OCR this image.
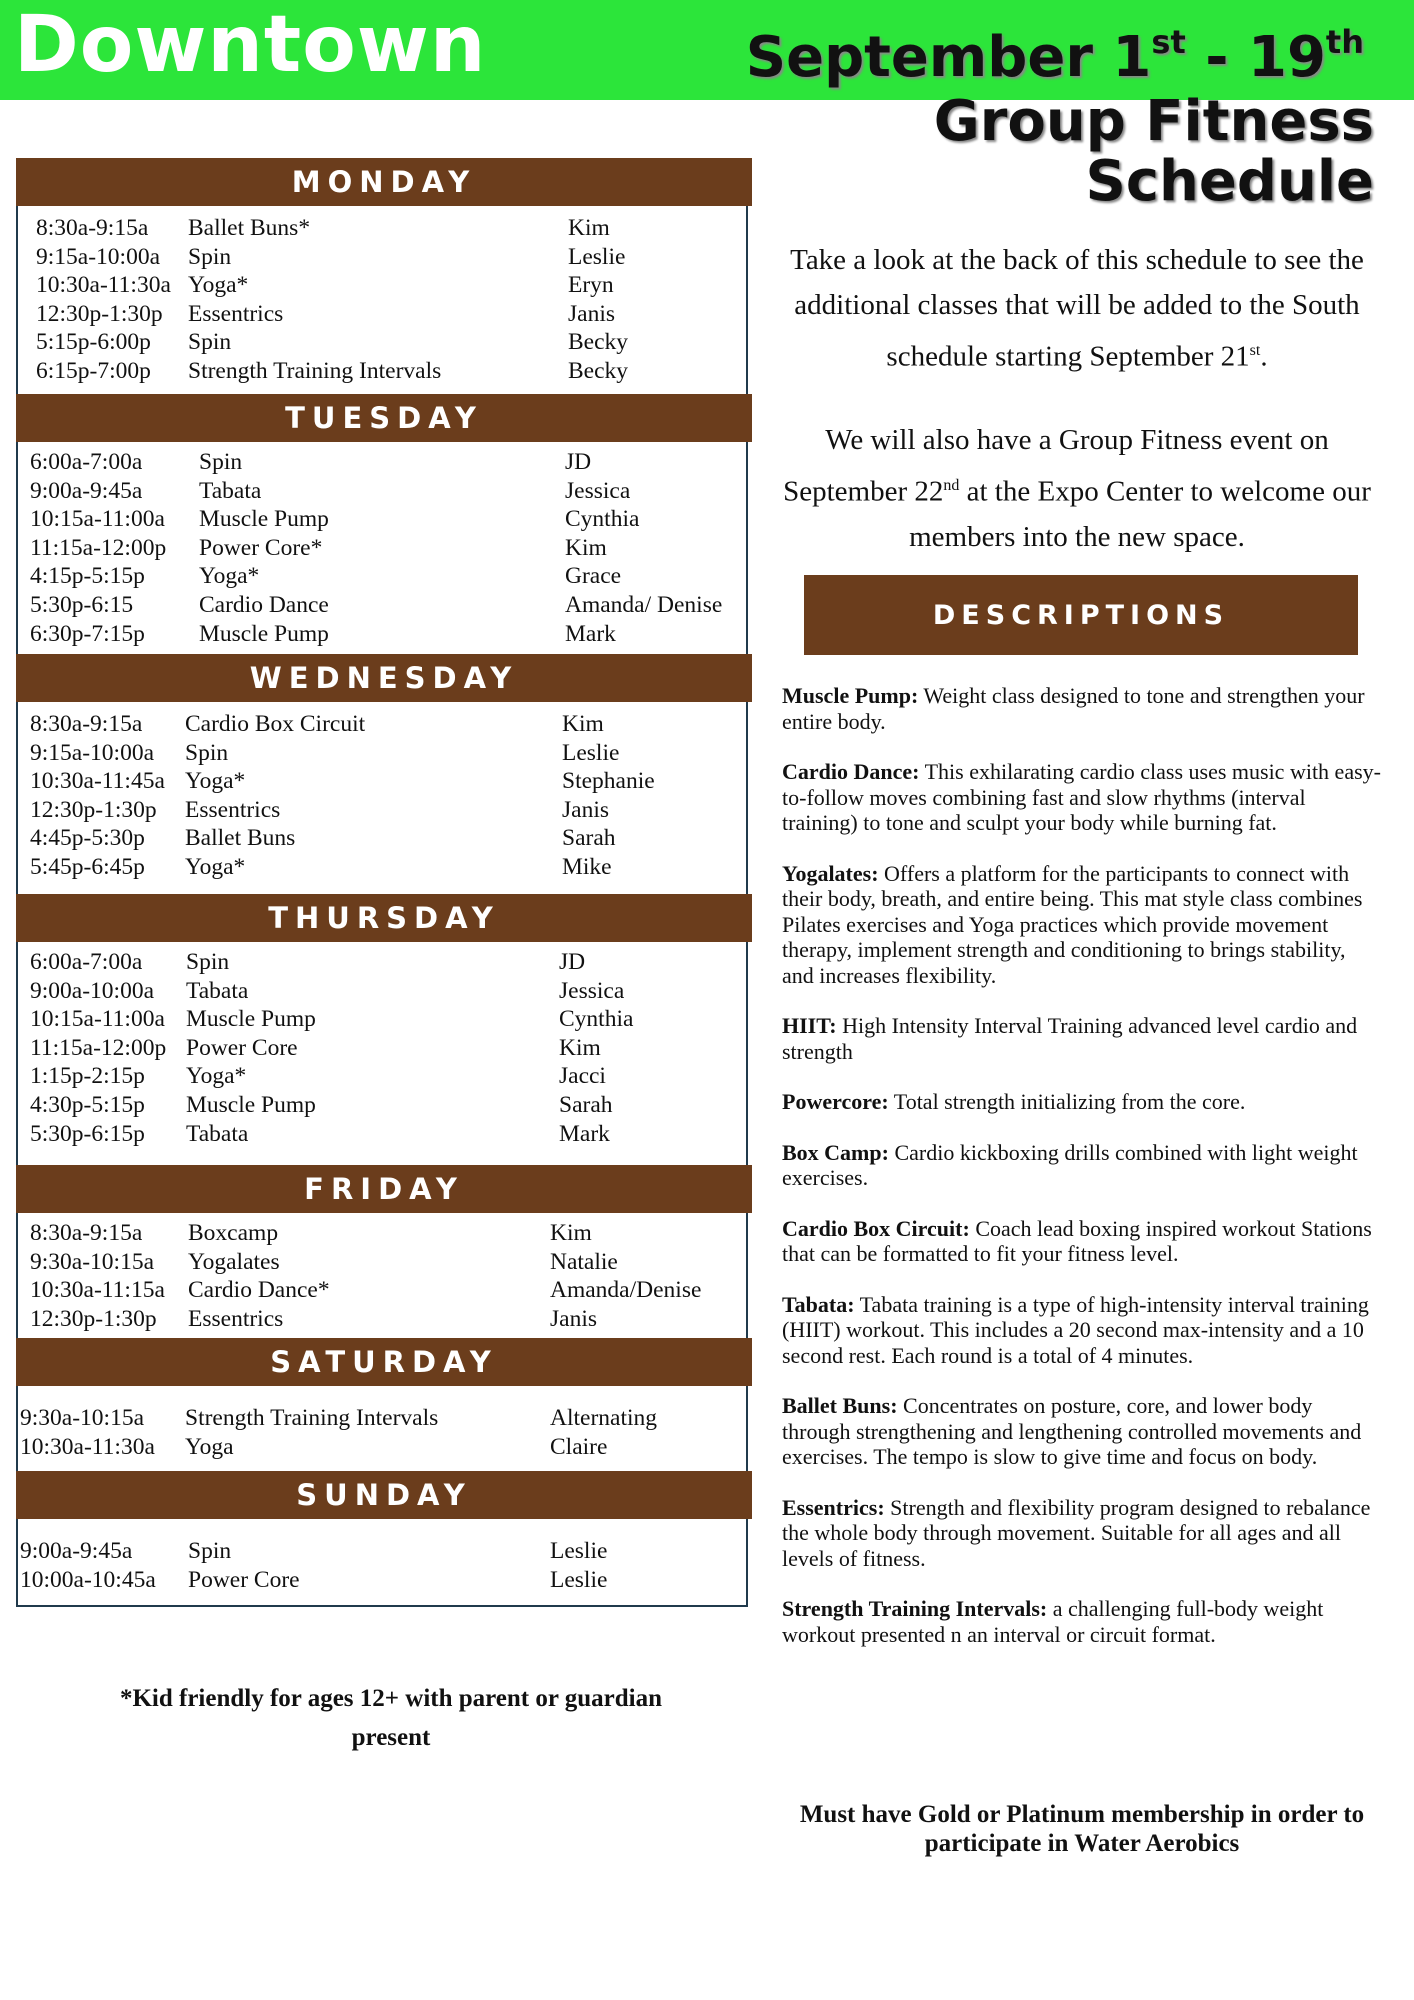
Downtown	September 1st - 19th
Group Fitness
Schedule
MONDAY
8:30a-9:15a Ballet Buns*	Kim
9:15a-10:00a Spin	Leslie
10:30a-11:30a Yoga*	Eryn
12:30p-1:30p Essentrics	Janis
5:15p-6:00p Spin	Becky
6:15p-7:00p Strength Training Intervals	Becky
TUESDAY
6:00a-7:00a Spin	JD
9:00a-9:45a Tabata	Jessica
10:15a-11:00a Muscle Pump	Cynthia
11:15a-12:00p Power Core*	Kim
4:15p-5:15p Yoga*	Grace
5:30p-6:15	Cardio Dance	Amanda/ Denise
6:30p-7:15p Muscle Pump	Mark
WEDNESDAY
8:30a-9:15a Cardio Box Circuit	Kim
9:15a-10:00a Spin	Leslie
10:30a-11:45a Yoga*	Stephanie
12:30p-1:30p Essentrics	Janis
4:45p-5:30p Ballet Buns	Sarah
5:45p-6:45p Yoga*	Mike
THURSDAY
6:00a-7:00a Spin	JD
9:00a-10:00a Tabata	Jessica
10:15a-11:00a Muscle Pump	Cynthia
11:15a-12:00p Power Core	Kim
1:15p-2:15p Yoga*	Jacci
4:30p-5:15p Muscle Pump	Sarah
5:30p-6:15p Tabata	Mark
FRIDAY
8:30a-9:15a Boxcamp	Kim
9:30a-10:15a Yogalates	Natalie
10:30a-11:15a Cardio Dance*	Amanda/Denise
12:30p-1:30p Essentrics	Janis
SATURDAY
9:30a-10:15a Strength Training Intervals	Alternating
10:30a-11:30a Yoga	Claire
SUNDAY
9:00a-9:45a Spin	Leslie
10:00a-10:45a Power Core	Leslie
Take a look at the back of this schedule to see the additional classes that will be added to the South schedule starting September 21st.
We will also have a Group Fitness event on September 22nd at the Expo Center to welcome our members into the new space.
DESCRIPTIONS

Muscle Pump: Weight class designed to tone and strengthen your entire body.

Cardio Dance: This exhilarating cardio class uses music with easy-to-follow moves combining fast and slow rhythms (interval training) to tone and sculpt your body while burning fat.

Yogalates: Offers a platform for the participants to connect with their body, breath, and entire being. This mat style class combines Pilates exercises and Yoga practices which provide movement therapy, implement strength and conditioning to brings stability, and increases flexibility.

HIIT: High Intensity Interval Training advanced level cardio and strength

Powercore: Total strength initializing from the core.

Box Camp: Cardio kickboxing drills combined with light weight exercises.

Cardio Box Circuit: Coach lead boxing inspired workout Stations that can be formatted to fit your fitness level.

Tabata: Tabata training is a type of high-intensity interval training (HIIT) workout. This includes a 20 second max-intensity and a 10 second rest. Each round is a total of 4 minutes.

Ballet Buns: Concentrates on posture, core, and lower body through strengthening and lengthening controlled movements and exercises. The tempo is slow to give time and focus on body.

Essentrics: Strength and flexibility program designed to rebalance the whole body through movement. Suitable for all ages and all levels of fitness.

Strength Training Intervals: a challenging full-body weight workout presented n an interval or circuit format.

Must have Gold or Platinum membership in order to participate in Water Aerobics
*Kid friendly for ages 12+ with parent or guardian present
